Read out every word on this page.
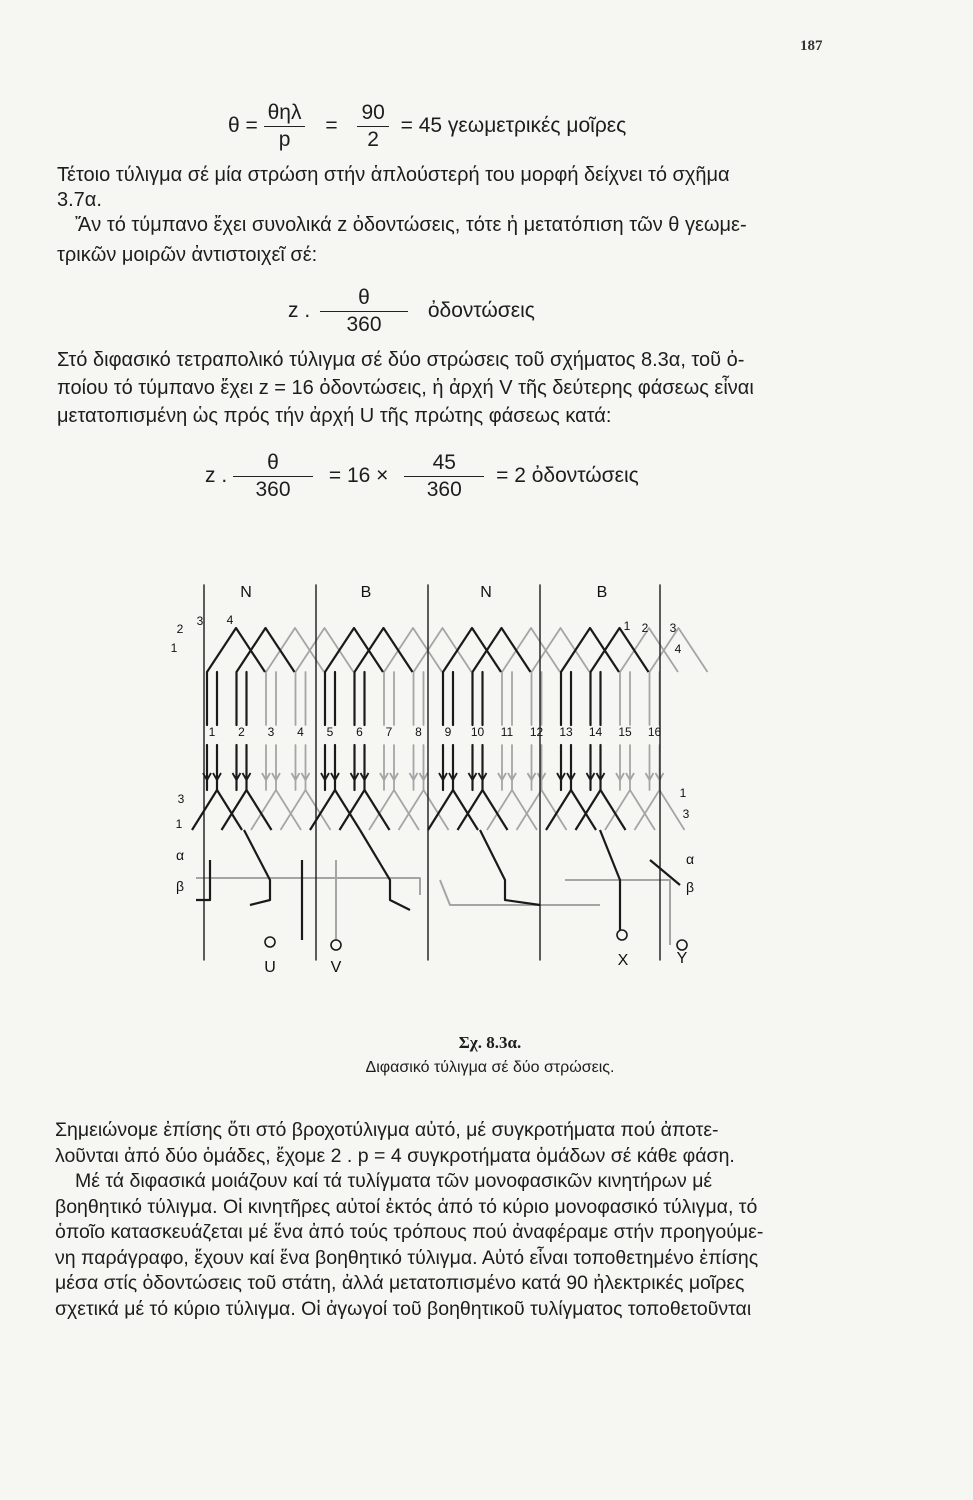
187
$\theta = \frac{\text{θηλ}}{p} = \frac{90}{2} = 45$ γεωμετρικές μοῖρες
Τέτοιο τύλιγμα σέ μία στρώση στήν ἁπλούστερή του μορφή δείχνει τό σχῆμα
3.7α.
Ἄν τό τύμπανο ἔχει συνολικά z ὀδοντώσεις, τότε ἡ μετατόπιση τῶν θ γεωμε-
τρικῶν μοιρῶν ἀντιστοιχεῖ σέ:
z . $\frac{\theta}{360}$ ὀδοντώσεις
Στό διφασικό τετραπολικό τύλιγμα σέ δύο στρώσεις τοῦ σχήματος 8.3α, τοῦ ὀ-
ποίου τό τύμπανο ἔχει z = 16 ὀδοντώσεις, ἡ ἀρχή V τῆς δεύτερης φάσεως εἶναι
μετατοπισμένη ὡς πρός τήν ἀρχή U τῆς πρώτης φάσεως κατά:
z . $\frac{\theta}{360} = 16 \times \frac{45}{360} = 2$ ὀδοντώσεις
N	B	N	B
1 2 3 4 5 6 7 8 9 10 11 12 13 14 15 16
2
3 4
1
1 2 3
4
3
1
1
3
α
β
α
β
U	V	X	Y
Σχ. 8.3α.
Διφασικό τύλιγμα σέ δύο στρώσεις.

Σημειώνομε ἐπίσης ὅτι στό βροχοτύλιγμα αὐτό, μέ συγκροτήματα πού ἀποτε-

λοῦνται ἀπό δύο ὁμάδες, ἔχομε 2 . p = 4 συγκροτήματα ὁμάδων σέ κάθε φάση.

Μέ τά διφασικά μοιάζουν καί τά τυλίγματα τῶν μονοφασικῶν κινητήρων μέ

βοηθητικό τύλιγμα. Οἱ κινητῆρες αὐτοί ἐκτός ἀπό τό κύριο μονοφασικό τύλιγμα, τό

ὁποῖο κατασκευάζεται μέ ἕνα ἀπό τούς τρόπους πού ἀναφέραμε στήν προηγούμε-

νη παράγραφο, ἔχουν καί ἕνα βοηθητικό τύλιγμα. Αὐτό εἶναι τοποθετημένο ἐπίσης

μέσα στίς ὀδοντώσεις τοῦ στάτη, ἀλλά μετατοπισμένο κατά 90 ἠλεκτρικές μοῖρες

σχετικά μέ τό κύριο τύλιγμα. Οἱ ἀγωγοί τοῦ βοηθητικοῦ τυλίγματος τοποθετοῦνται
